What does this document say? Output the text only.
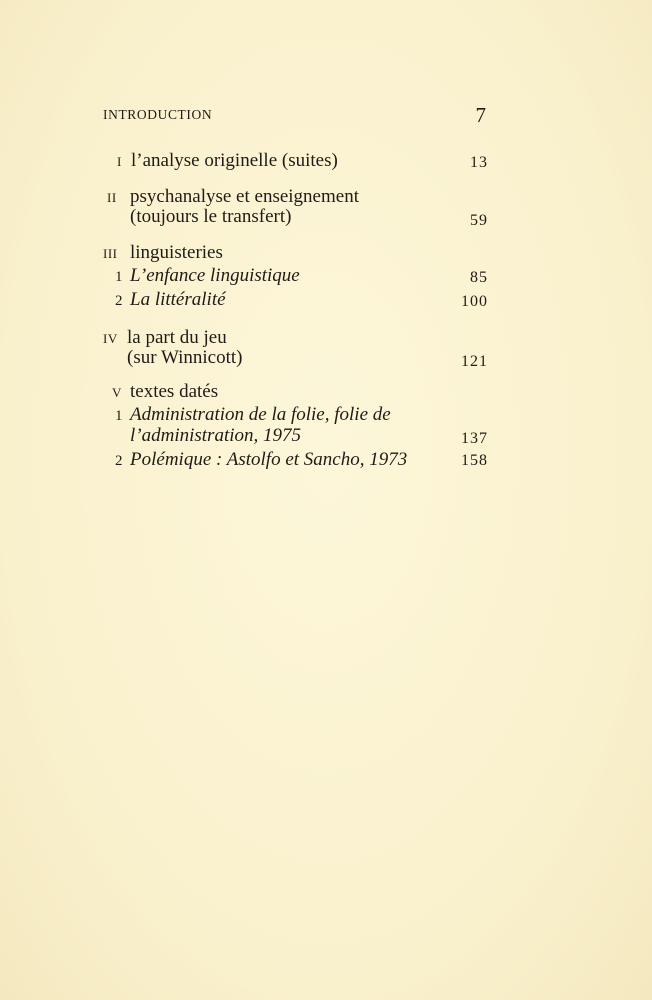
INTRODUCTION	7
i l’analyse originelle (suites)	13
ii psychanalyse et enseignement
(toujours le transfert)	59
iii linguisteries
1 L’enfance linguistique	85
2 La littéralité	100
iv la part du jeu
(sur Winnicott)	121
v textes datés
1 Administration de la folie, folie de
l’administration, 1975	137
2 Polémique : Astolfo et Sancho, 1973	158
